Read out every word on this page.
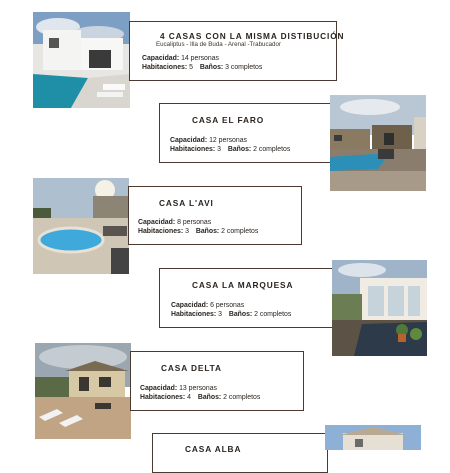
4 CASAS CON LA MISMA DISTIBUCIÓN
Eucaliptus - Illa de Buda - Arenal -Trabucador
Capacidad: 14 personas
Habitaciones: 5 Baños: 3 completos
CASA EL FARO
Capacidad: 12 personas
Habitaciones: 3 Baños: 2 completos
CASA L'AVI
Capacidad: 8 personas
Habitaciones: 3 Baños: 2 completos
CASA LA MARQUESA
Capacidad: 6 personas
Habitaciones: 3 Baños: 2 completos
CASA DELTA
Capacidad: 13 personas
Habitaciones: 4 Baños: 2 completos
CASA ALBA
